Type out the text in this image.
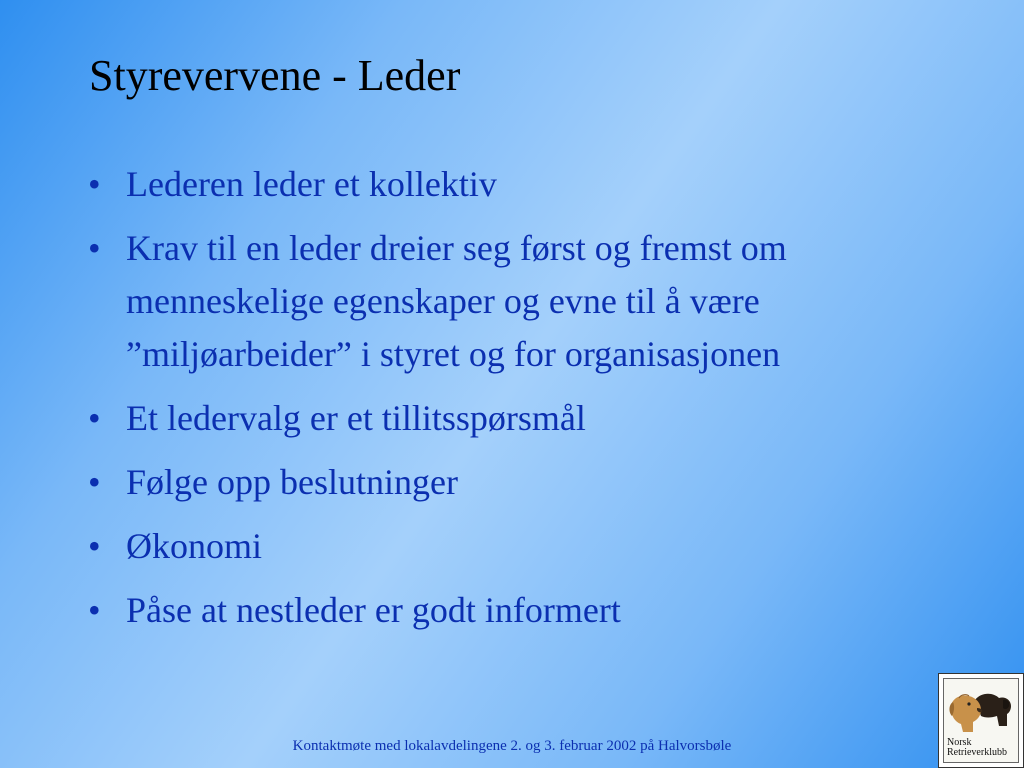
Styrevervene - Leder
• Lederen leder et kollektiv
• Krav til en leder dreier seg først og fremst om menneskelige egenskaper og evne til å være ”miljøarbeider” i styret og for organisasjonen
• Et ledervalg er et tillitsspørsmål
• Følge opp beslutninger
• Økonomi
• Påse at nestleder er godt informert
Kontaktmøte med lokalavdelingene 2. og 3. februar 2002 på Halvorsbøle	Norsk
Retrieverklubb
